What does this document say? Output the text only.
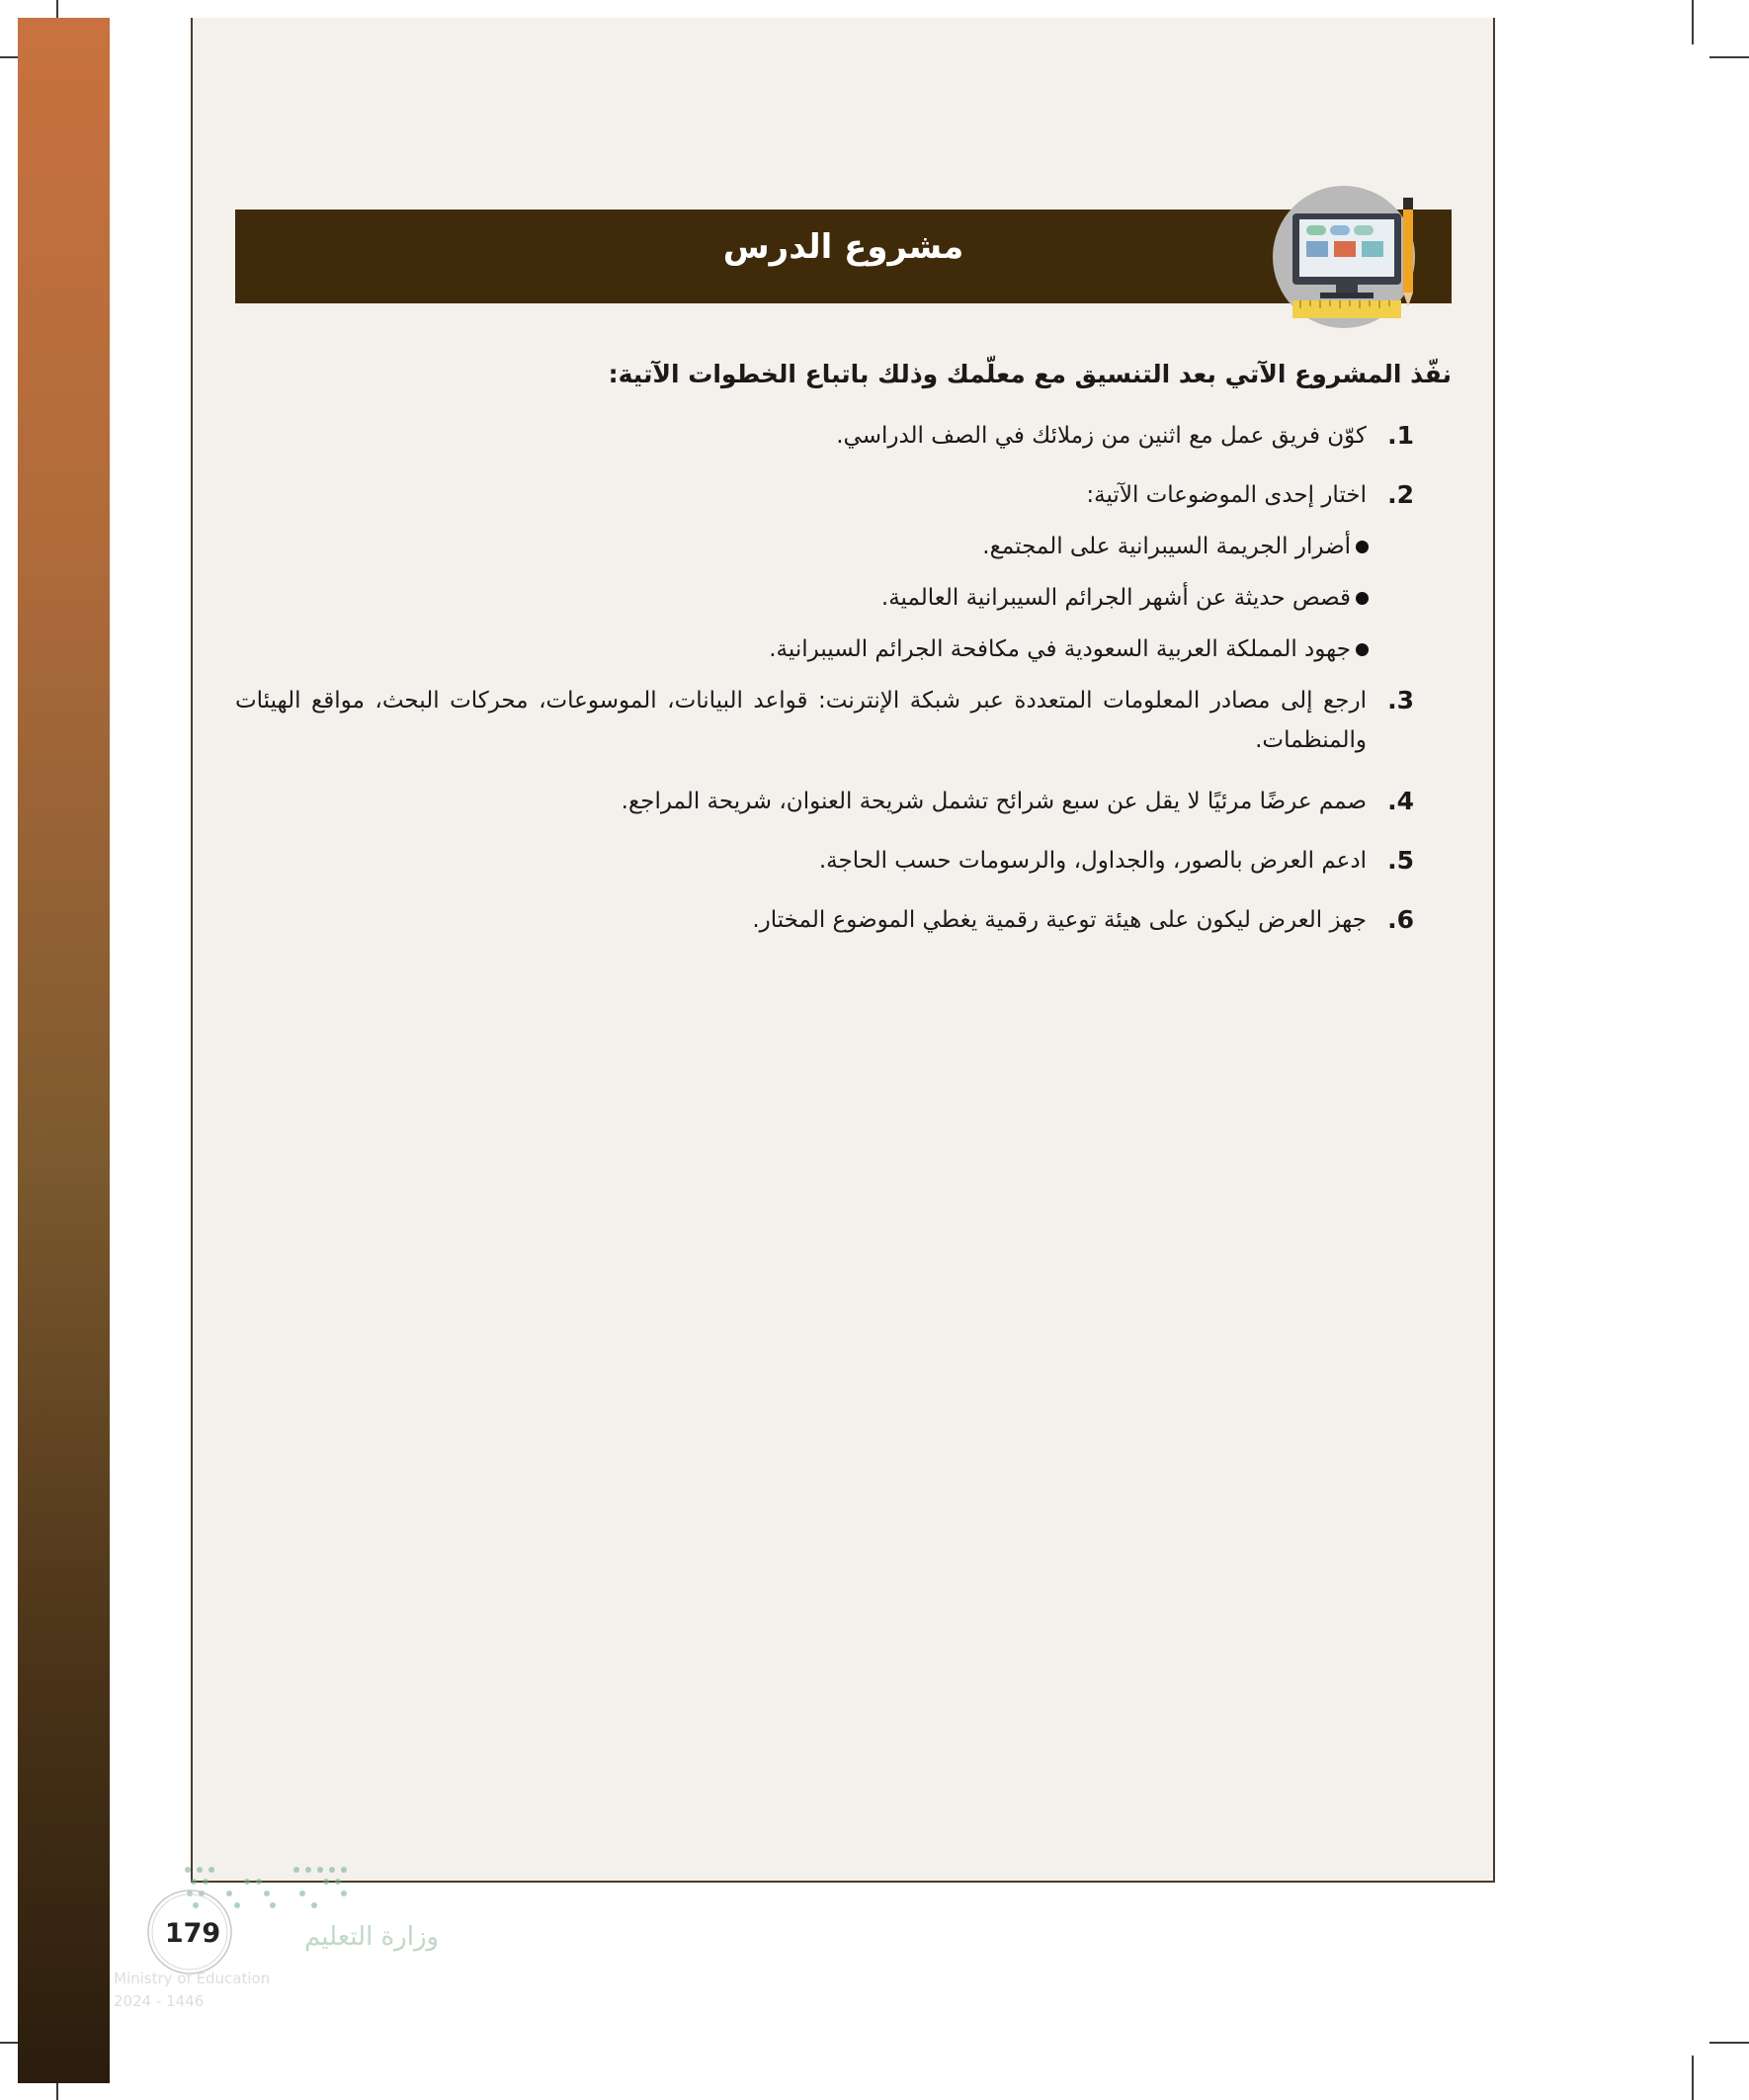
مشروع الدرس

نفّذ المشروع الآتي بعد التنسيق مع معلّمك وذلك باتباع الخطوات الآتية:

1.
كوّن فريق عمل مع اثنين من زملائك في الصف الدراسي.

2.
اختار إحدى الموضوعات الآتية:

أضرار الجريمة السيبرانية على المجتمع.

قصص حديثة عن أشهر الجرائم السيبرانية العالمية.

جهود المملكة العربية السعودية في مكافحة الجرائم السيبرانية.

3.
ارجع إلى مصادر المعلومات المتعددة عبر شبكة الإنترنت: قواعد البيانات، الموسوعات، محركات البحث، مواقع الهيئات والمنظمات.

4.
صمم عرضًا مرئيًا لا يقل عن سبع شرائح تشمل شريحة العنوان، شريحة المراجع.

5.
ادعم العرض بالصور، والجداول، والرسومات حسب الحاجة.

6.
جهز العرض ليكون على هيئة توعية رقمية يغطي الموضوع المختار.

وزارة التعليم
Ministry of Education
2024 - 1446
179
